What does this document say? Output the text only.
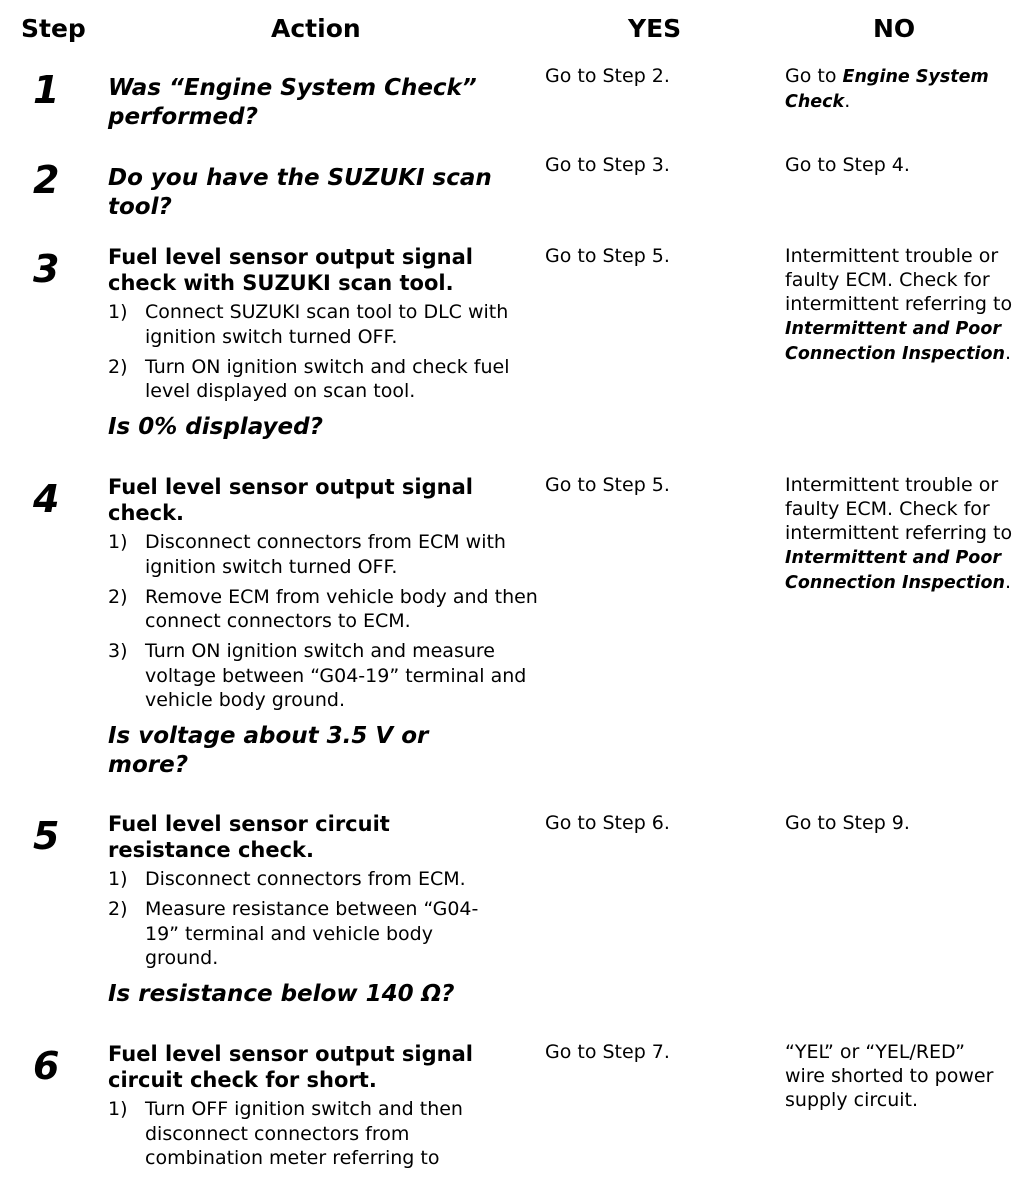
Step	Action	YES	NO
1 Was “Engine System Check” performed?
Go to Step 2.	Go to Engine System Check.
2 Do you have the SUZUKI scan tool?
Go to Step 3.	Go to Step 4.
3 Fuel level sensor output signal check with SUZUKI scan tool.
1) Connect SUZUKI scan tool to DLC with ignition switch turned OFF.
2) Turn ON ignition switch and check fuel level displayed on scan tool.
Is 0% displayed?
Go to Step 5.	Intermittent trouble or faulty ECM. Check for intermittent referring to Intermittent and Poor Connection Inspection.
4 Fuel level sensor output signal check.
1) Disconnect connectors from ECM with ignition switch turned OFF.
2) Remove ECM from vehicle body and then connect connectors to ECM.
3) Turn ON ignition switch and measure voltage between “G04-19” terminal and vehicle body ground.
Is voltage about 3.5 V or more?
Go to Step 5.	Intermittent trouble or faulty ECM. Check for intermittent referring to Intermittent and Poor Connection Inspection.
5 Fuel level sensor circuit resistance check.
1) Disconnect connectors from ECM.
2) Measure resistance between “G04-19” terminal and vehicle body ground.
Is resistance below 140 Ω?
Go to Step 6.	Go to Step 9.
6 Fuel level sensor output signal circuit check for short.
1) Turn OFF ignition switch and then disconnect connectors from combination meter referring to
Go to Step 7.	“YEL” or “YEL/RED” wire shorted to power supply circuit.
